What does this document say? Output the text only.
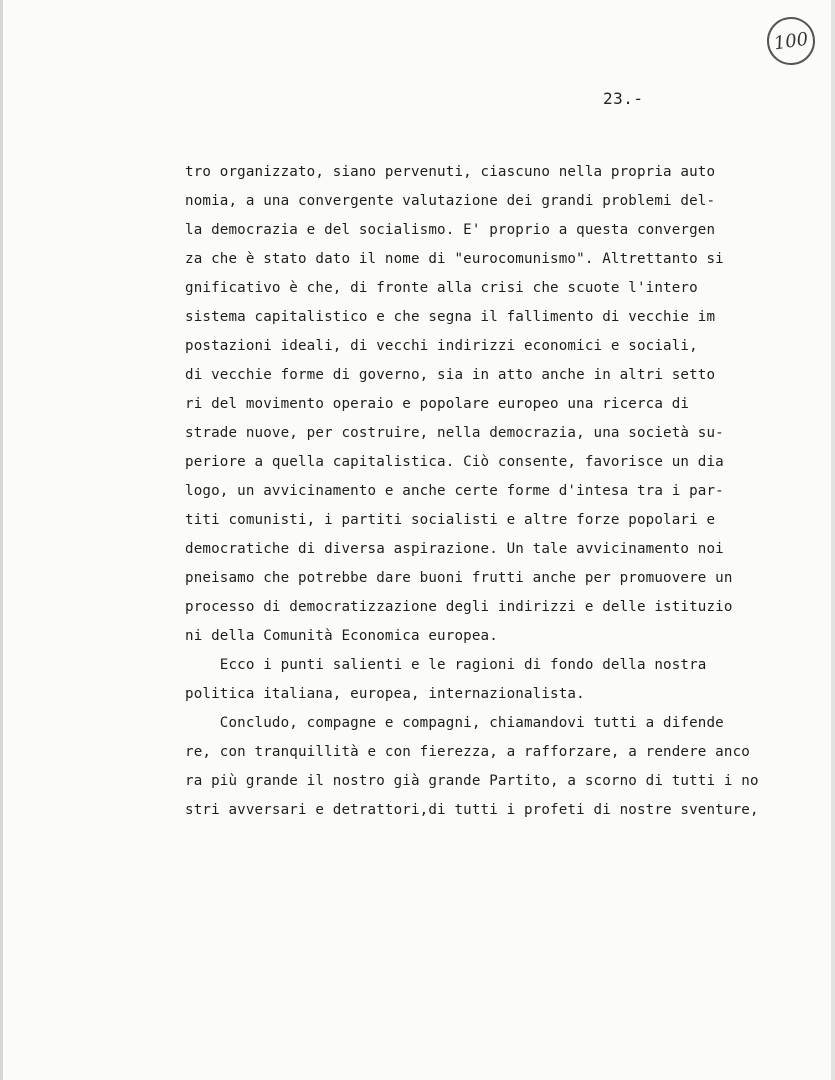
100
23.-
tro organizzato, siano pervenuti, ciascuno nella propria auto
nomia, a una convergente valutazione dei grandi problemi del-
la democrazia e del socialismo. E' proprio a questa convergen
za che è stato dato il nome di "eurocomunismo". Altrettanto si
gnificativo è che, di fronte alla crisi che scuote l'intero
sistema capitalistico e che segna il fallimento di vecchie im
postazioni ideali, di vecchi indirizzi economici e sociali,
di vecchie forme di governo, sia in atto anche in altri setto
ri del movimento operaio e popolare europeo una ricerca di
strade nuove, per costruire, nella democrazia, una società su-
periore a quella capitalistica. Ciò consente, favorisce un dia
logo, un avvicinamento e anche certe forme d'intesa tra i par-
titi comunisti, i partiti socialisti e altre forze popolari e
democratiche di diversa aspirazione. Un tale avvicinamento noi
pneisamo che potrebbe dare buoni frutti anche per promuovere un
processo di democratizzazione degli indirizzi e delle istituzio
ni della Comunità Economica europea.
Ecco i punti salienti e le ragioni di fondo della nostra
politica italiana, europea, internazionalista.
Concludo, compagne e compagni, chiamandovi tutti a difende
re, con tranquillità e con fierezza, a rafforzare, a rendere anco
ra più grande il nostro già grande Partito, a scorno di tutti i no
stri avversari e detrattori,di tutti i profeti di nostre sventure,
